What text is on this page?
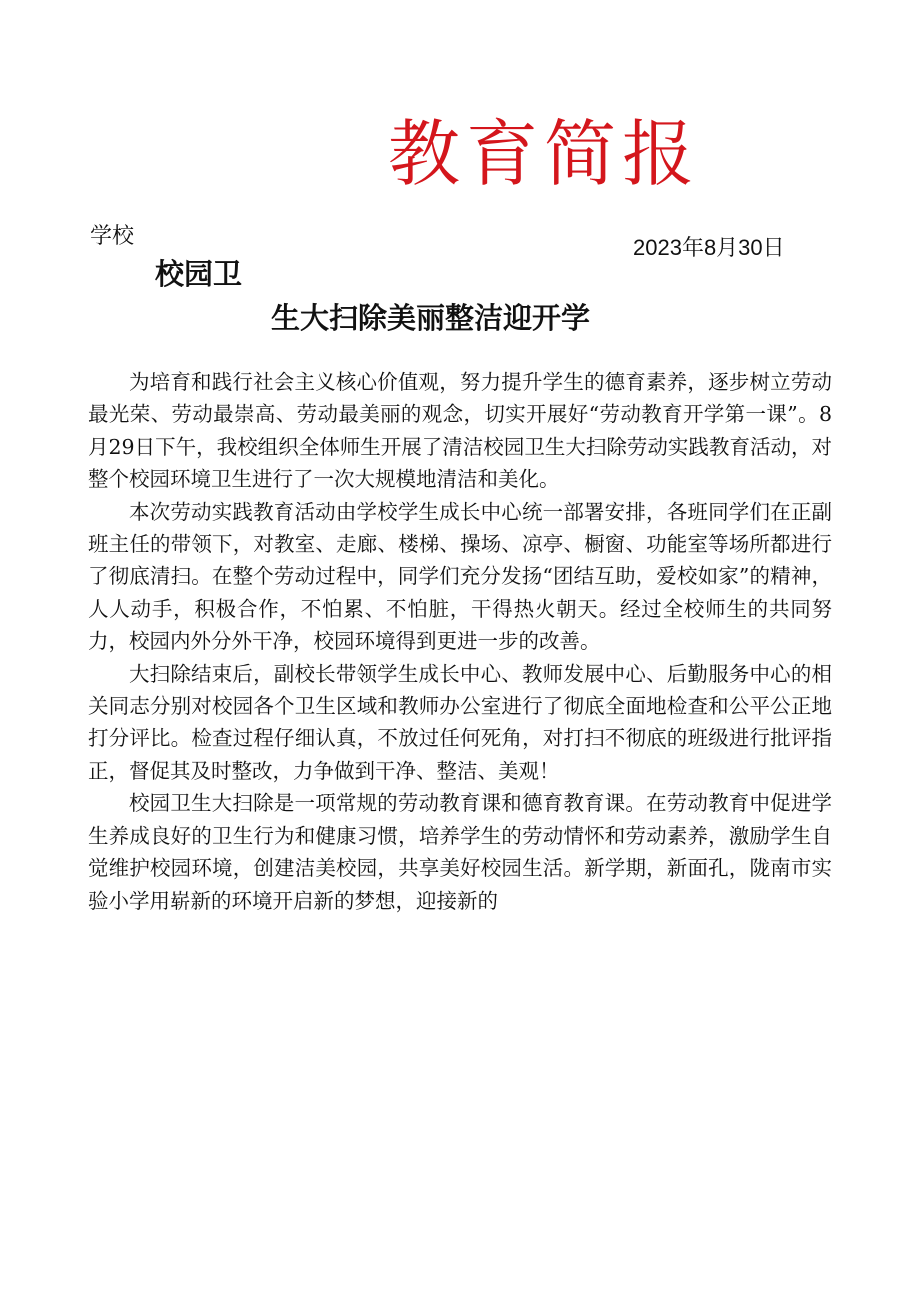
教育简报
学校	2023年8月30日
校园卫
生大扫除美丽整洁迎开学

为培育和践行社会主义核心价值观，努力提升学生的德育素养，逐步树立劳动最光荣、劳动最崇高、劳动最美丽的观念，切实开展好“劳动教育开学第一课”。8月29日下午，我校组织全体师生开展了清洁校园卫生大扫除劳动实践教育活动，对整个校园环境卫生进行了一次大规模地清洁和美化。

本次劳动实践教育活动由学校学生成长中心统一部署安排，各班同学们在正副班主任的带领下，对教室、走廊、楼梯、操场、凉亭、橱窗、功能室等场所都进行了彻底清扫。在整个劳动过程中，同学们充分发扬“团结互助，爱校如家”的精神，人人动手，积极合作，不怕累、不怕脏，干得热火朝天。经过全校师生的共同努力，校园内外分外干净，校园环境得到更进一步的改善。

大扫除结束后，副校长带领学生成长中心、教师发展中心、后勤服务中心的相关同志分别对校园各个卫生区域和教师办公室进行了彻底全面地检查和公平公正地打分评比。检查过程仔细认真，不放过任何死角，对打扫不彻底的班级进行批评指正，督促其及时整改，力争做到干净、整洁、美观！

校园卫生大扫除是一项常规的劳动教育课和德育教育课。在劳动教育中促进学生养成良好的卫生行为和健康习惯，培养学生的劳动情怀和劳动素养，激励学生自觉维护校园环境，创建洁美校园，共享美好校园生活。新学期，新面孔，陇南市实验小学用崭新的环境开启新的梦想，迎接新的
